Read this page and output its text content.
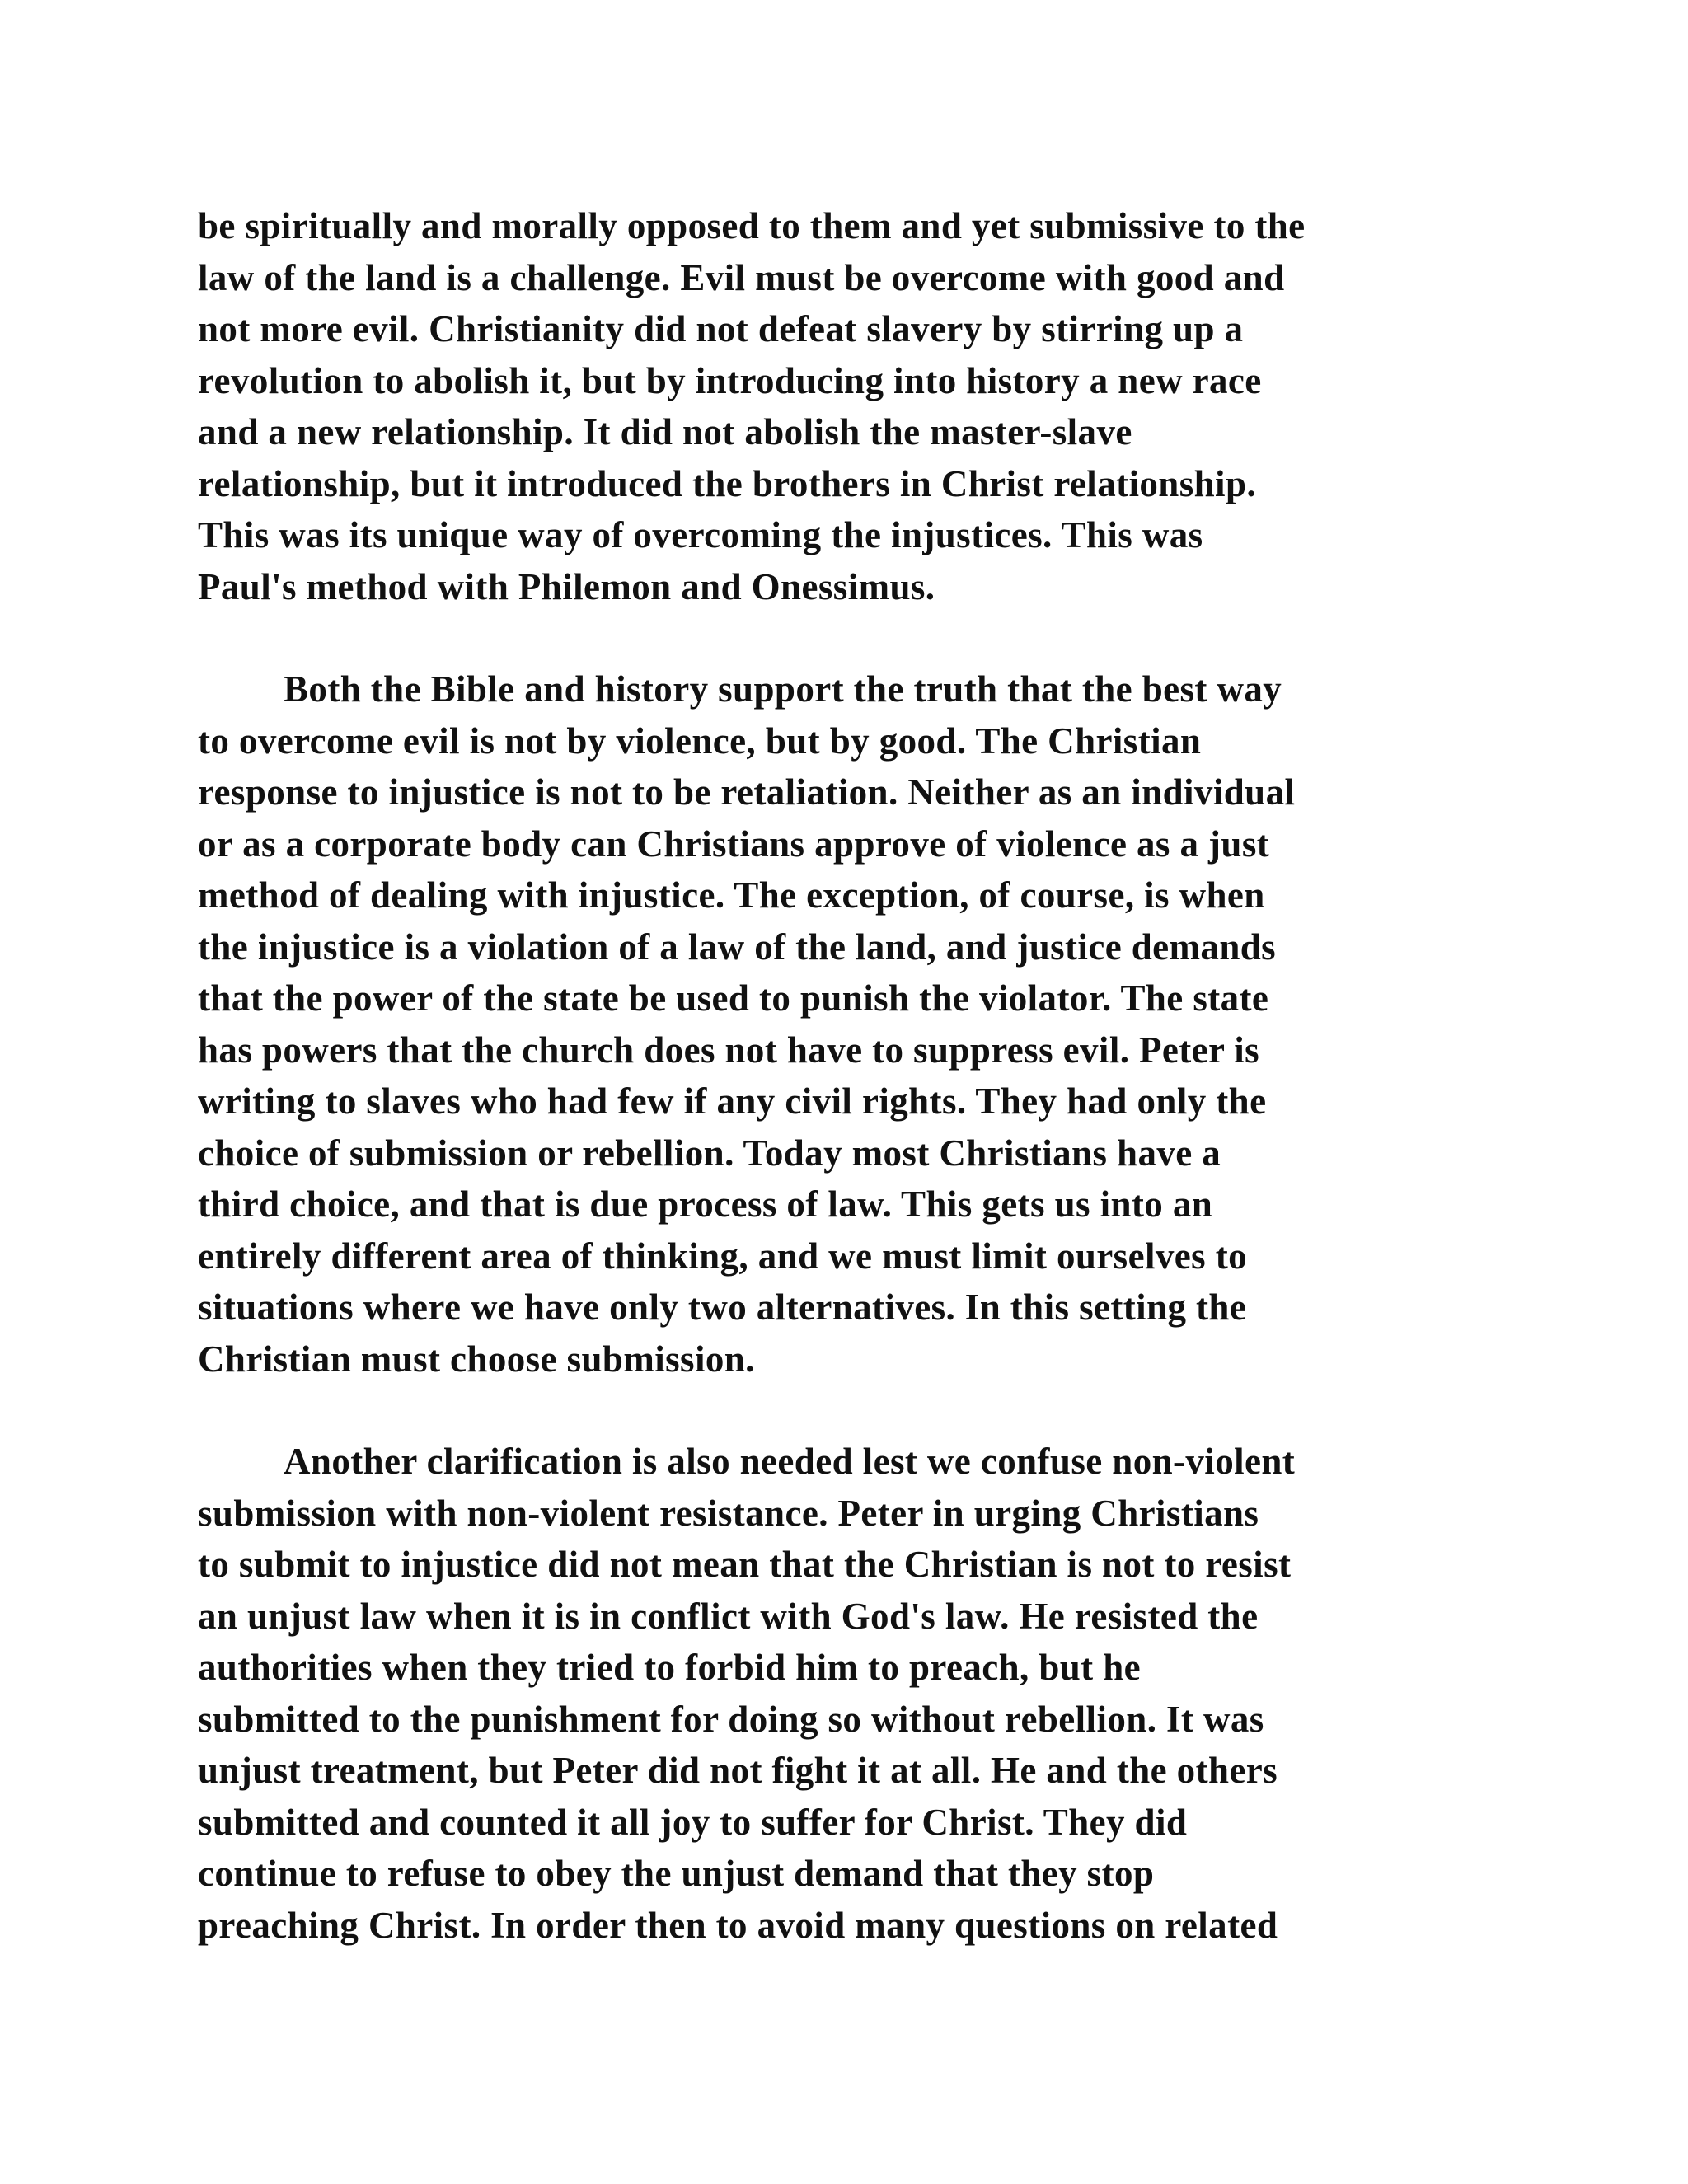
be spiritually and morally opposed to them and yet submissive to the
law of the land is a challenge. Evil must be overcome with good and
not more evil. Christianity did not defeat slavery by stirring up a
revolution to abolish it, but by introducing into history a new race
and a new relationship. It did not abolish the master-slave
relationship, but it introduced the brothers in Christ relationship.
This was its unique way of overcoming the injustices. This was
Paul's method with Philemon and Onessimus.
Both the Bible and history support the truth that the best way
to overcome evil is not by violence, but by good. The Christian
response to injustice is not to be retaliation. Neither as an individual
or as a corporate body can Christians approve of violence as a just
method of dealing with injustice. The exception, of course, is when
the injustice is a violation of a law of the land, and justice demands
that the power of the state be used to punish the violator. The state
has powers that the church does not have to suppress evil. Peter is
writing to slaves who had few if any civil rights. They had only the
choice of submission or rebellion. Today most Christians have a
third choice, and that is due process of law. This gets us into an
entirely different area of thinking, and we must limit ourselves to
situations where we have only two alternatives. In this setting the
Christian must choose submission.
Another clarification is also needed lest we confuse non-violent
submission with non-violent resistance. Peter in urging Christians
to submit to injustice did not mean that the Christian is not to resist
an unjust law when it is in conflict with God's law. He resisted the
authorities when they tried to forbid him to preach, but he
submitted to the punishment for doing so without rebellion. It was
unjust treatment, but Peter did not fight it at all. He and the others
submitted and counted it all joy to suffer for Christ. They did
continue to refuse to obey the unjust demand that they stop
preaching Christ. In order then to avoid many questions on related
